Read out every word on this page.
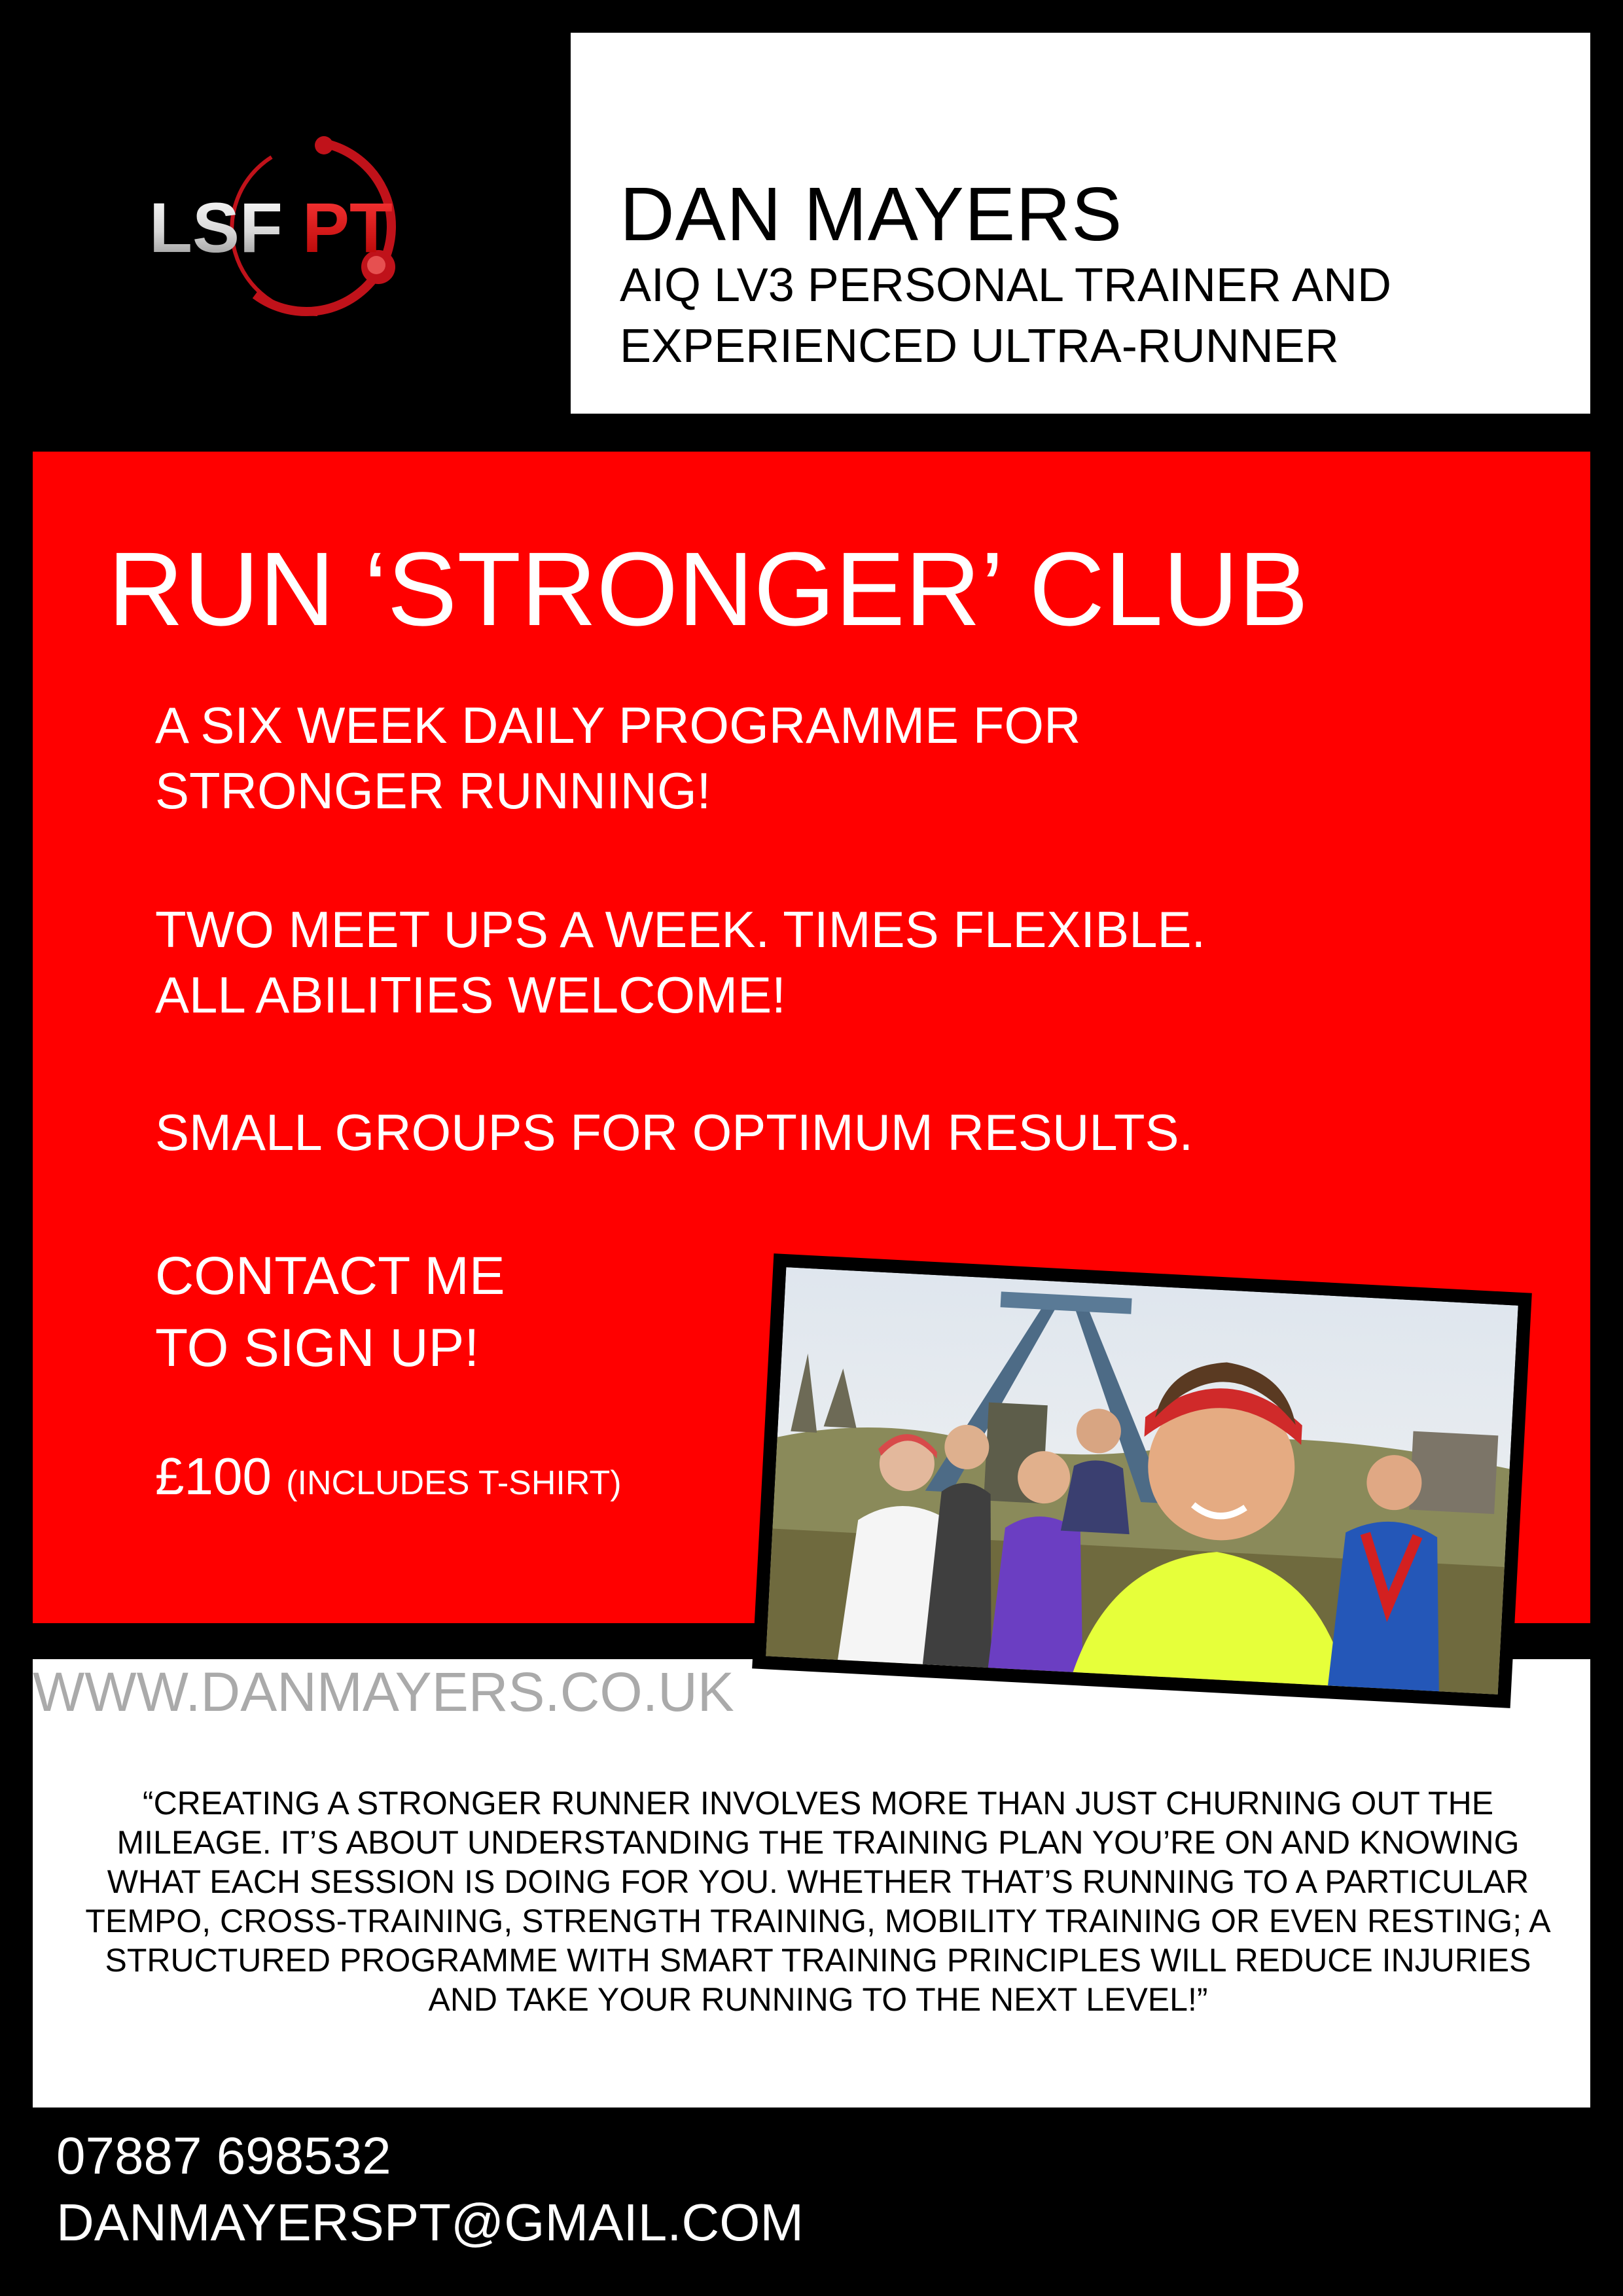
LSF PT	DAN MAYERS
AIQ LV3 PERSONAL TRAINER AND
EXPERIENCED ULTRA-RUNNER
RUN ‘STRONGER’ CLUB
A SIX WEEK DAILY PROGRAMME FOR
STRONGER RUNNING!
TWO MEET UPS A WEEK. TIMES FLEXIBLE.
ALL ABILITIES WELCOME!
SMALL GROUPS FOR OPTIMUM RESULTS.
CONTACT ME
TO SIGN UP!
£100 (INCLUDES T-SHIRT)
WWW.DANMAYERS.CO.UK
“CREATING A STRONGER RUNNER INVOLVES MORE THAN JUST CHURNING OUT THE MILEAGE. IT’S ABOUT UNDERSTANDING THE TRAINING PLAN YOU’RE ON AND KNOWING WHAT EACH SESSION IS DOING FOR YOU. WHETHER THAT’S RUNNING TO A PARTICULAR TEMPO, CROSS-TRAINING, STRENGTH TRAINING, MOBILITY TRAINING OR EVEN RESTING; A STRUCTURED PROGRAMME WITH SMART TRAINING PRINCIPLES WILL REDUCE INJURIES AND TAKE YOUR RUNNING TO THE NEXT LEVEL!”
07887 698532
DANMAYERSPT@GMAIL.COM
